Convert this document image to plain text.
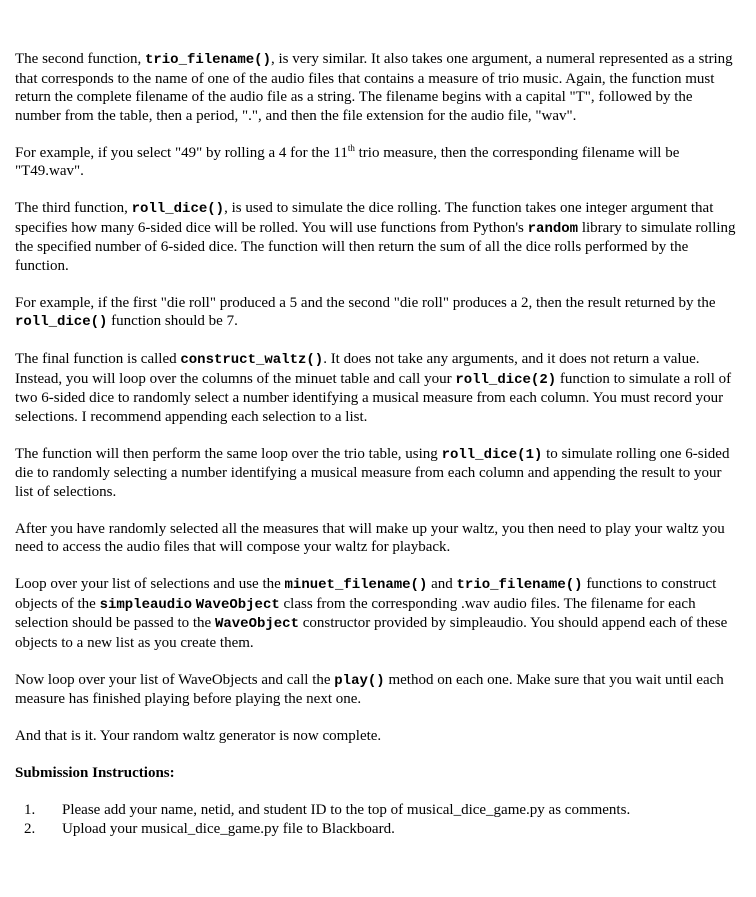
The second function, trio_filename(), is very similar. It also takes one argument, a numeral represented as a string that corresponds to the name of one of the audio files that contains a measure of trio music. Again, the function must return the complete filename of the audio file as a string. The filename begins with a capital "T", followed by the number from the table, then a period, ".", and then the file extension for the audio file, "wav".

For example, if you select "49" by rolling a 4 for the 11th trio measure, then the corresponding filename will be "T49.wav".

The third function, roll_dice(), is used to simulate the dice rolling. The function takes one integer argument that specifies how many 6-sided dice will be rolled. You will use functions from Python's random library to simulate rolling the specified number of 6-sided dice. The function will then return the sum of all the dice rolls performed by the function.

For example, if the first "die roll" produced a 5 and the second "die roll" produces a 2, then the result returned by the roll_dice() function should be 7.

The final function is called construct_waltz(). It does not take any arguments, and it does not return a value. Instead, you will loop over the columns of the minuet table and call your roll_dice(2) function to simulate a roll of two 6-sided dice to randomly select a number identifying a musical measure from each column. You must record your selections. I recommend appending each selection to a list.

The function will then perform the same loop over the trio table, using roll_dice(1) to simulate rolling one 6-sided die to randomly selecting a number identifying a musical measure from each column and appending the result to your list of selections.

After you have randomly selected all the measures that will make up your waltz, you then need to play your waltz you need to access the audio files that will compose your waltz for playback.

Loop over your list of selections and use the minuet_filename() and trio_filename() functions to construct objects of the simpleaudio WaveObject class from the corresponding .wav audio files. The filename for each selection should be passed to the WaveObject constructor provided by simpleaudio. You should append each of these objects to a new list as you create them.

Now loop over your list of WaveObjects and call the play() method on each one. Make sure that you wait until each measure has finished playing before playing the next one.

And that is it. Your random waltz generator is now complete.

Submission Instructions:

1. Please add your name, netid, and student ID to the top of musical_dice_game.py as comments.
2. Upload your musical_dice_game.py file to Blackboard.
